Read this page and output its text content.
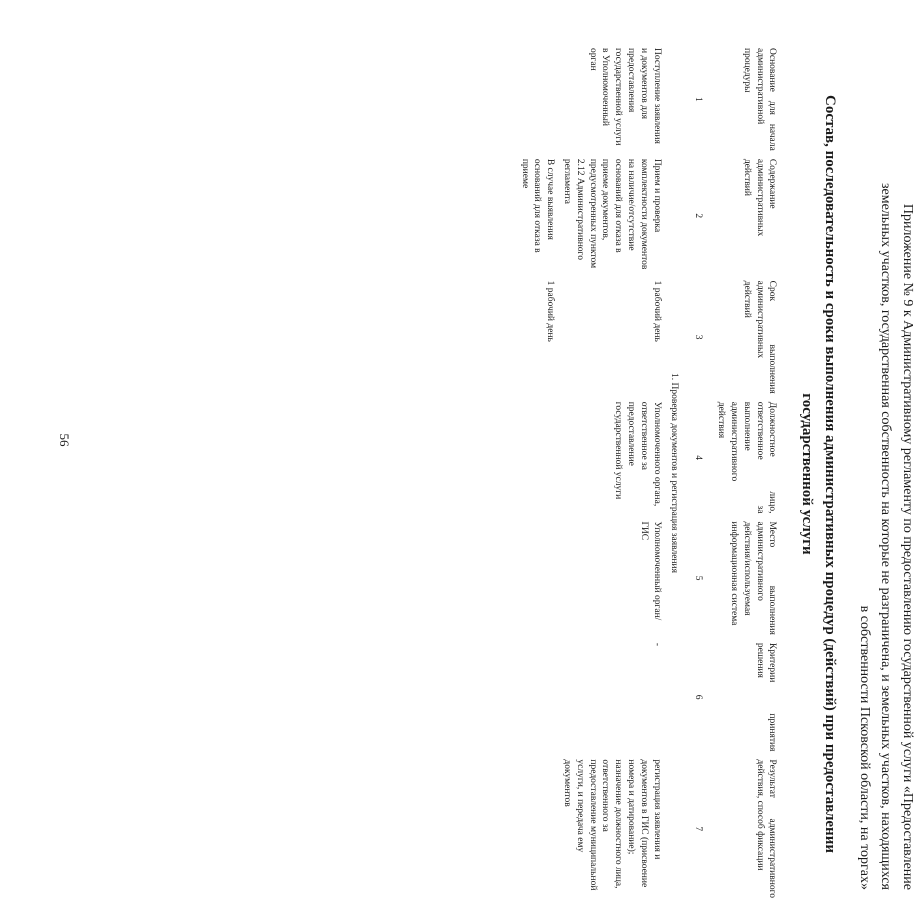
56	Приложение № 9 к Административному регламенту по предоставлению государственной услуги «Предоставление
земельных участков, государственная собственность на которые не разграничена, и земельных участков, находящихся
в собственности Псковской области, на торгах»
Состав, последовательность и сроки выполнения административных процедур (действий) при предоставлении
государственной услуги
Основание для начала административной процедуры	Содержание административных действий	Срок выполнения административных действий	Должностное лицо, ответственное за выполнение административного действия	Место выполнения административного действия/используемая информационная система	Критерии принятия решения	Результат административного действия, способ фиксации
1	2	3	4	5	6	7
1. Проверка документов и регистрация заявления						
Поступление заявления и документов для предоставления государственной услуги в Уполномоченный орган	Прием и проверка комплектности документов на наличие/отсутствие оснований для отказа в приеме документов, предусмотренных пунктом 2.12 Административного регламента	1 рабочий день	Уполномоченного органа, ответственное за предоставление государственной услуги	Уполномоченный орган/ГИС	-	регистрация заявления и документов в ГИС (присвоение номера и датирование); назначение должностного лица, ответственного за предоставление муниципальной услуги, и передача ему документов
	В случае выявления оснований для отказа в приеме	1 рабочий день				
